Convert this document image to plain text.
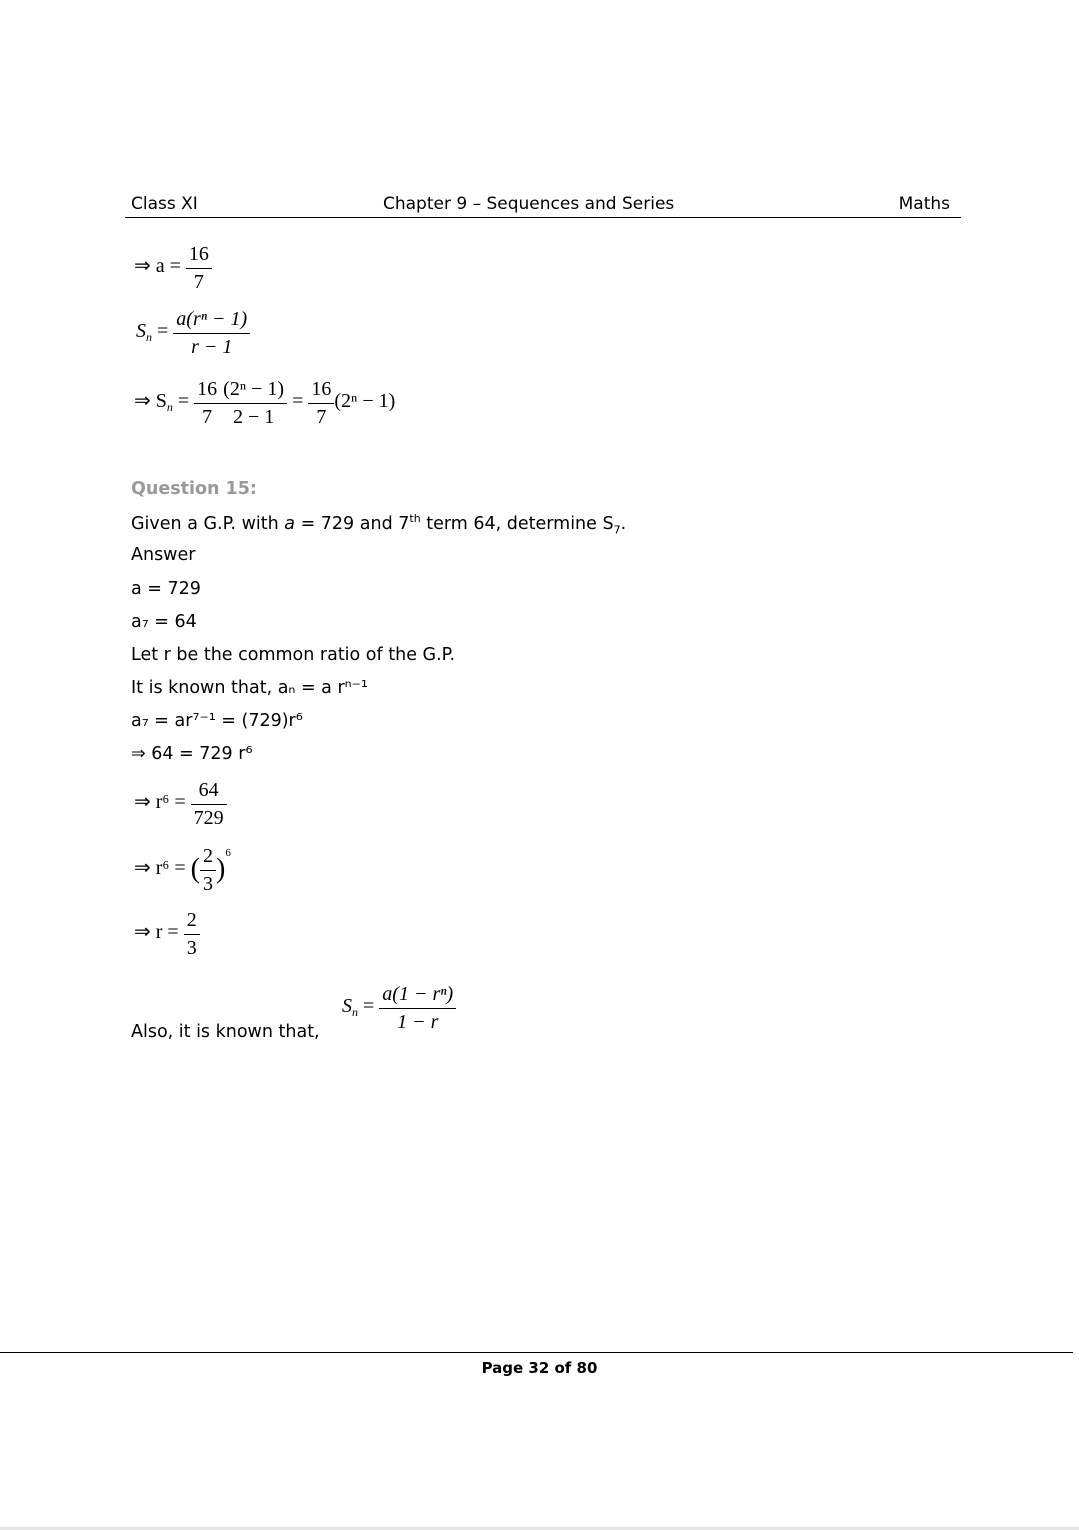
Class XI	Chapter 9 – Sequences and Series	Maths
⇒ $a = \frac{16}{7}$
$S_n = \frac{\text{a(rⁿ − 1)}}{r - 1}$
⇒ $S_n = \frac{16}{7} \frac{\text{(2ⁿ − 1)}}{2 - 1} = \frac{16}{7} (2^n - 1)$
Question 15:
Given a G.P. with a = 729 and 7th term 64, determine $S_7$.
Answer
a = 729
a₇ = 64
Let r be the common ratio of the G.P.
It is known that, aₙ = a rⁿ⁻¹
a₇ = ar⁷⁻¹ = (729)r⁶
⇒ 64 = 729 r⁶
⇒ $r^6 = \frac{64}{729}$
⇒ r⁶ = ( $\frac{2}{3} )^6$
⇒ $r = \frac{2}{3}$
Also, it is known that,
$S_n = \frac{\text{a(1 − rⁿ)}}{1 - r}$
Page 32 of 80
